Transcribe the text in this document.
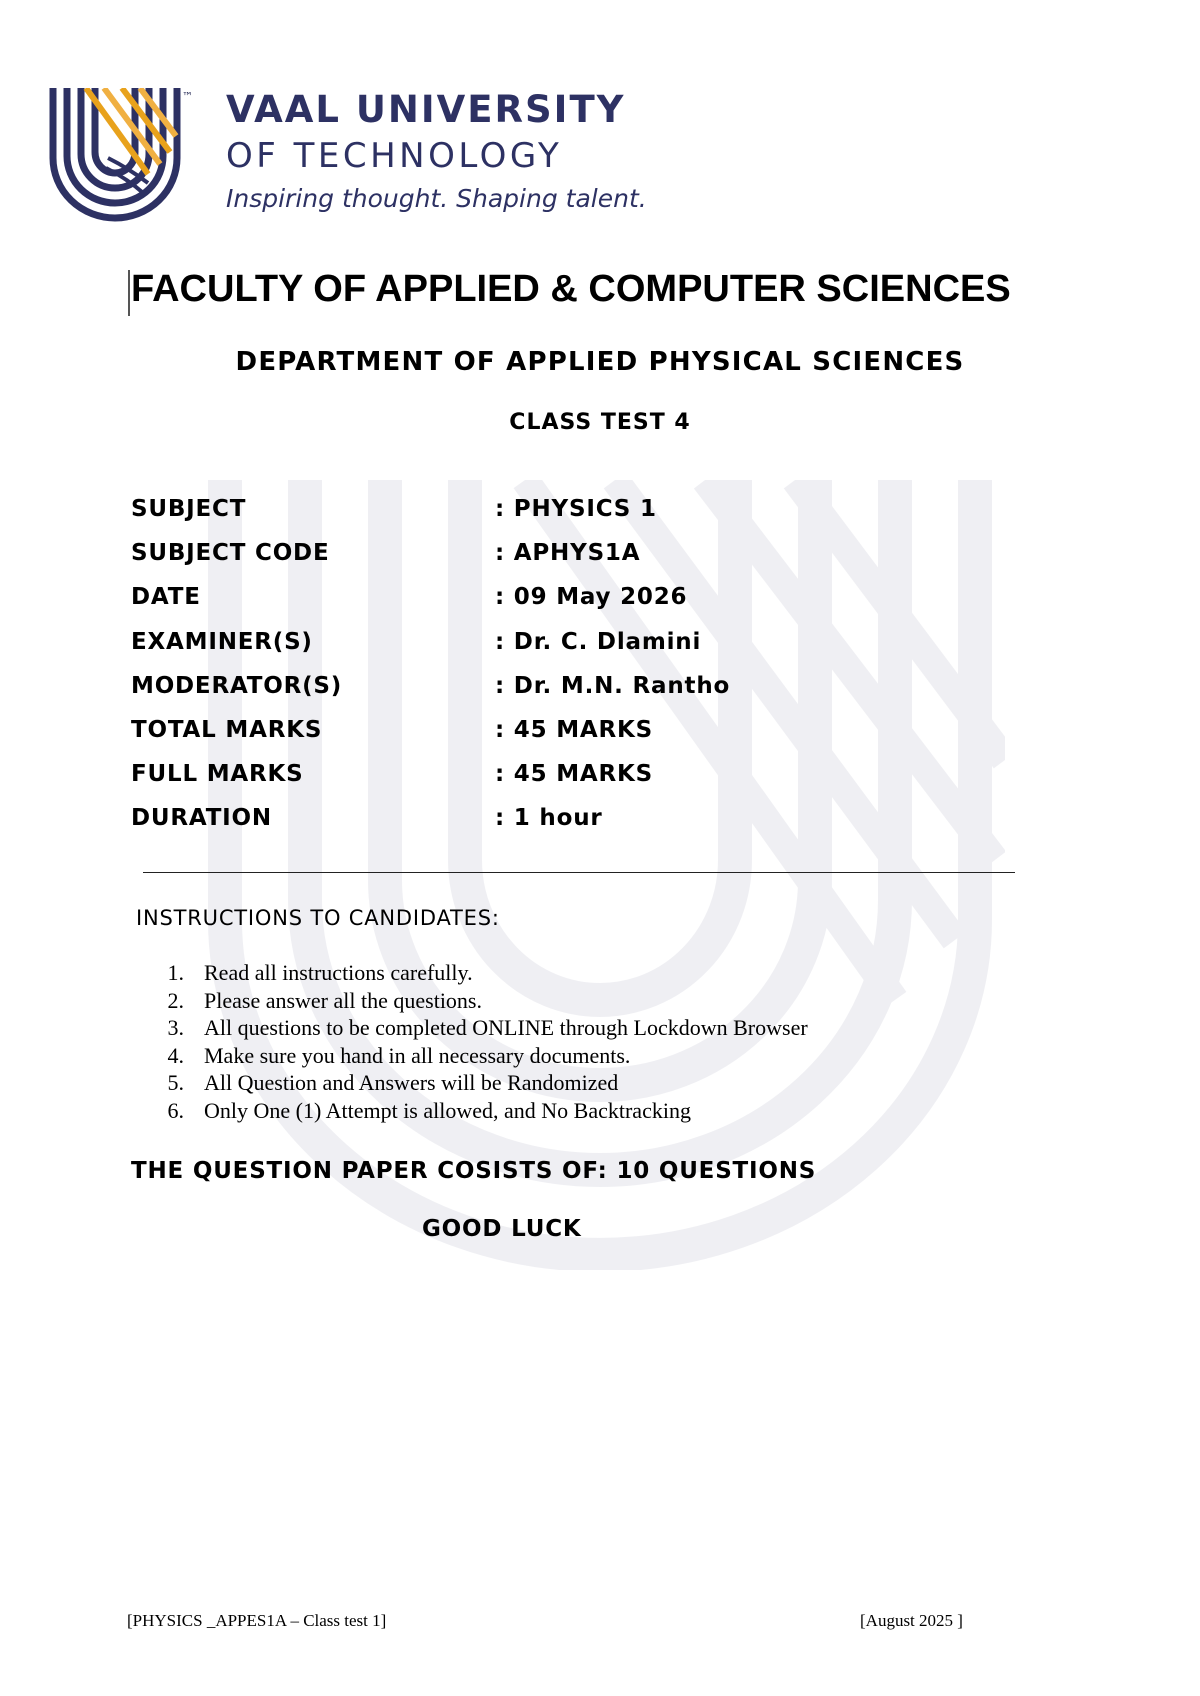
™ VAAL UNIVERSITY
OF TECHNOLOGY
Inspiring thought. Shaping talent.
FACULTY OF APPLIED & COMPUTER SCIENCES
DEPARTMENT OF APPLIED PHYSICAL SCIENCES
CLASS TEST 4
SUBJECT	: PHYSICS 1
SUBJECT CODE	: APHYS1A
DATE	: 09 May 2026
EXAMINER(S)	: Dr. C. Dlamini
MODERATOR(S)	: Dr. M.N. Rantho
TOTAL MARKS	: 45 MARKS
FULL MARKS	: 45 MARKS
DURATION	: 1 hour
INSTRUCTIONS TO CANDIDATES:
1. Read all instructions carefully.
2. Please answer all the questions.
3. All questions to be completed ONLINE through Lockdown Browser
4. Make sure you hand in all necessary documents.
5. All Question and Answers will be Randomized
6. Only One (1) Attempt is allowed, and No Backtracking
THE QUESTION PAPER COSISTS OF: 10 QUESTIONS
GOOD LUCK
[PHYSICS _APPES1A – Class test 1]	[August 2025 ]
